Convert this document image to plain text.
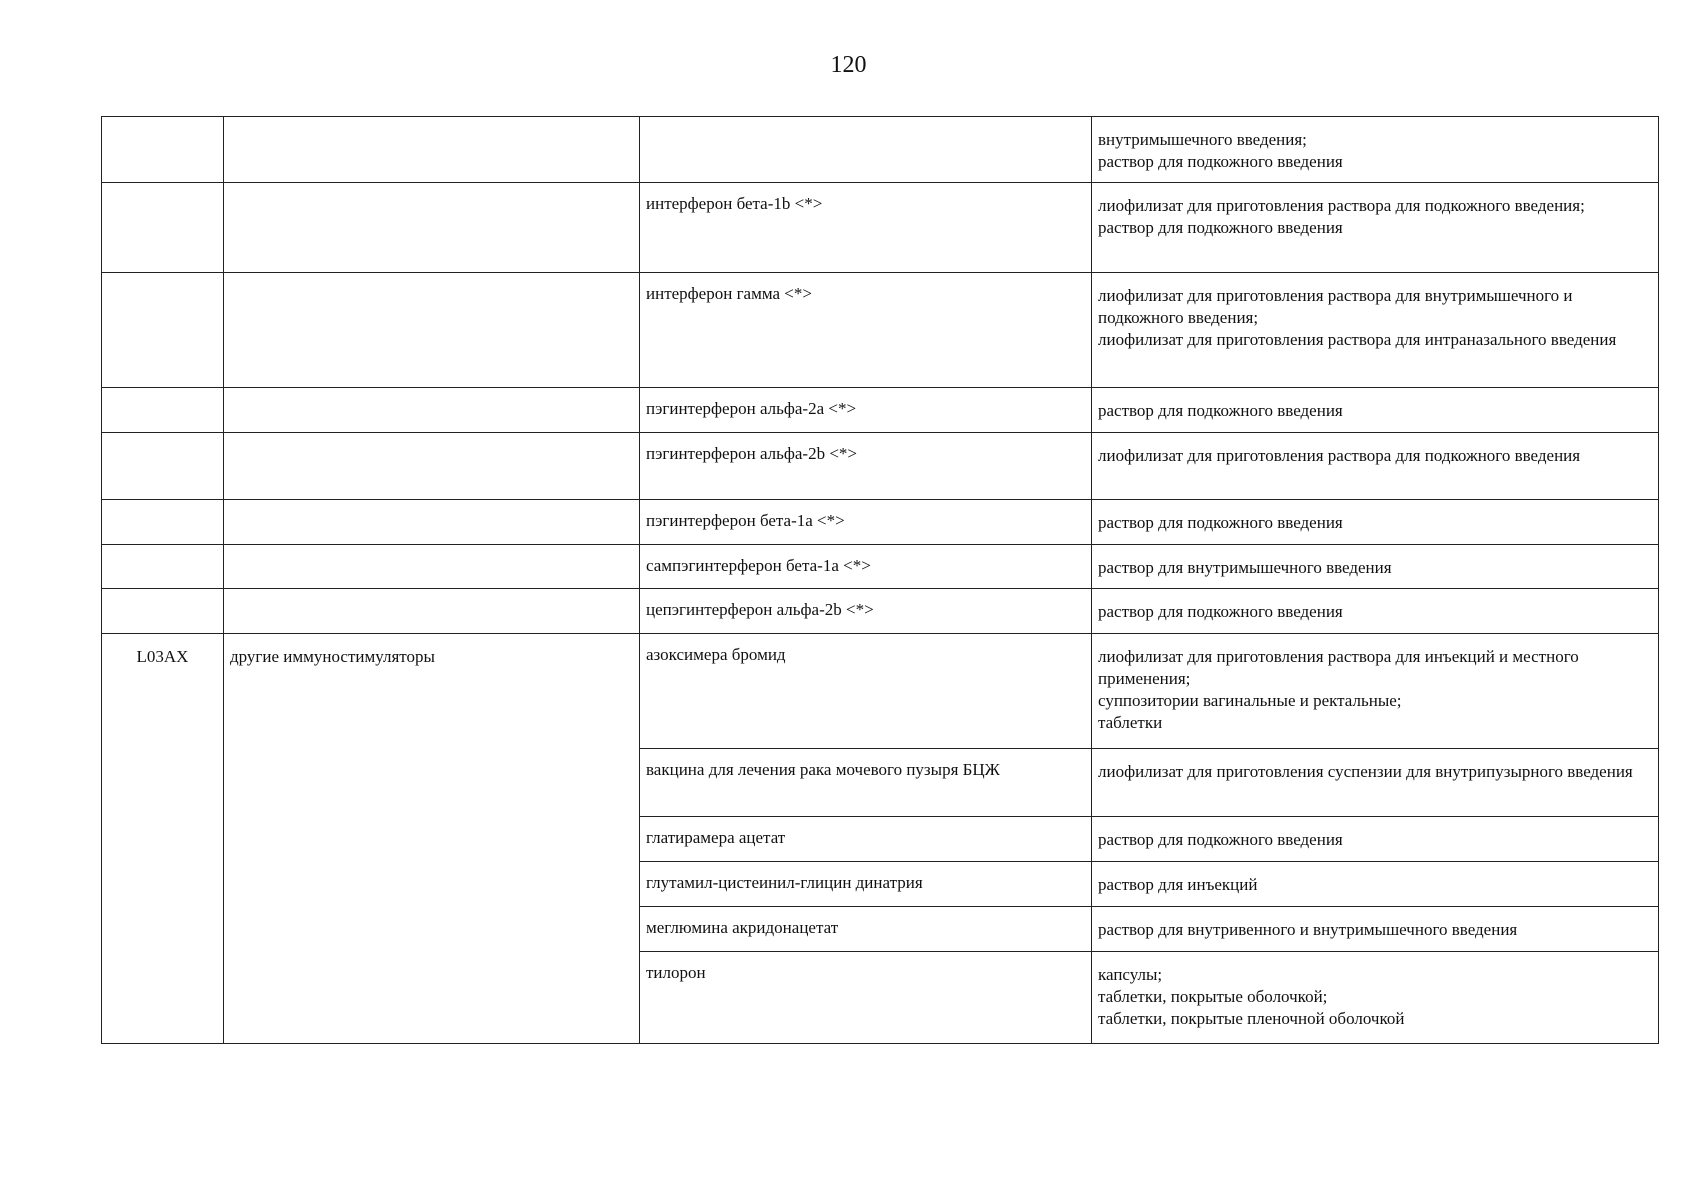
120

			внутримышечного введения;
раствор для подкожного введения

		интерферон бета-1b <*>	лиофилизат для приготовления раствора для подкожного введения;
раствор для подкожного введения

		интерферон гамма <*>	лиофилизат для приготовления раствора для внутримышечного и подкожного введения;
лиофилизат для приготовления раствора для интраназального введения

		пэгинтерферон альфа-2a <*>	раствор для подкожного введения

		пэгинтерферон альфа-2b <*>	лиофилизат для приготовления раствора для подкожного введения

		пэгинтерферон бета-1a <*>	раствор для подкожного введения

		сампэгинтерферон бета-1a <*>	раствор для внутримышечного введения

		цепэгинтерферон альфа-2b <*>	раствор для подкожного введения

L03AX	другие иммуностимуляторы	азоксимера бромид	лиофилизат для приготовления раствора для инъекций и местного применения;
суппозитории вагинальные и ректальные;
таблетки

		вакцина для лечения рака мочевого пузыря БЦЖ	лиофилизат для приготовления суспензии для внутрипузырного введения

		глатирамера ацетат	раствор для подкожного введения

		глутамил-цистеинил-глицин динатрия	раствор для инъекций

		меглюмина акридонацетат	раствор для внутривенного и внутримышечного введения

		тилорон	капсулы;
таблетки, покрытые оболочкой;
таблетки, покрытые пленочной оболочкой
